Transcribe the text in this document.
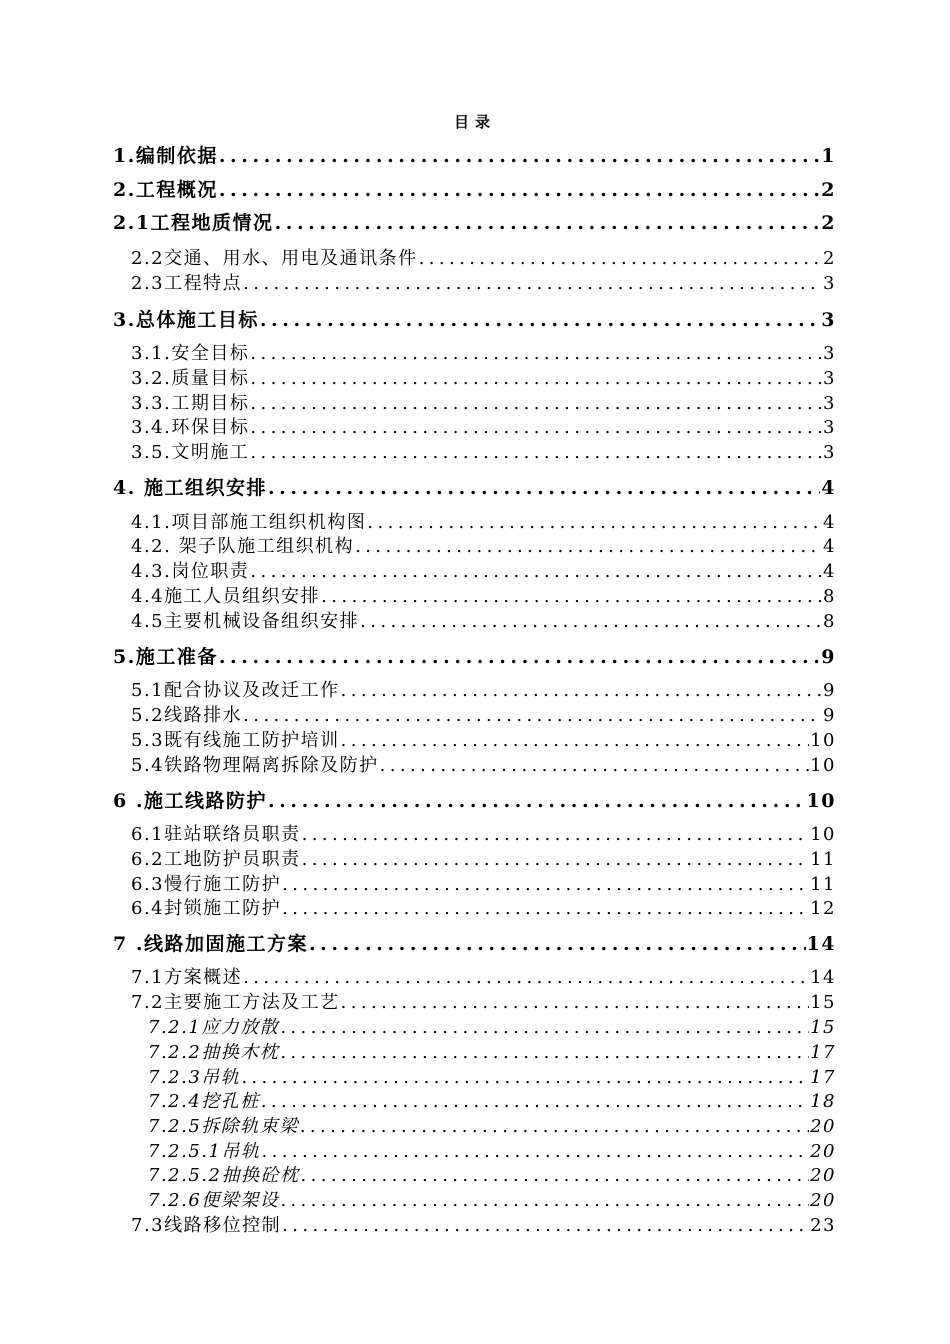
目录
1.编制依据 .....	1
2.工程概况 .....	2
2.1工程地质情况 .....	2
2.2交通、用水、用电及通讯条件 .....	2
2.3工程特点 .....	3
3.总体施工目标 .....	3
3.1.安全目标 .....	3
3.2.质量目标 .....	3
3.3.工期目标 .....	3
3.4.环保目标 .....	3
3.5.文明施工 .....	3
4. 施工组织安排 .....	4
4.1.项目部施工组织机构图 .....	4
4.2. 架子队施工组织机构 .....	4
4.3.岗位职责 .....	4
4.4施工人员组织安排 .....	8
4.5主要机械设备组织安排 .....	8
5.施工准备 .....	9
5.1配合协议及改迁工作 .....	9
5.2线路排水 .....	9
5.3既有线施工防护培训 .....	10
5.4铁路物理隔离拆除及防护 .....	10
6 .施工线路防护 .....	10
6.1驻站联络员职责 .....	10
6.2工地防护员职责 .....	11
6.3慢行施工防护 .....	11
6.4封锁施工防护 .....	12
7 .线路加固施工方案 .....	14
7.1方案概述 .....	14
7.2主要施工方法及工艺 .....	15
7.2.1应力放散 .....	15
7.2.2抽换木枕 .....	17
7.2.3吊轨 .....	17
7.2.4挖孔桩 .....	18
7.2.5拆除轨束梁 .....	20
7.2.5.1吊轨 .....	20
7.2.5.2抽换砼枕 .....	20
7.2.6便梁架设 .....	20
7.3线路移位控制 .....	23
